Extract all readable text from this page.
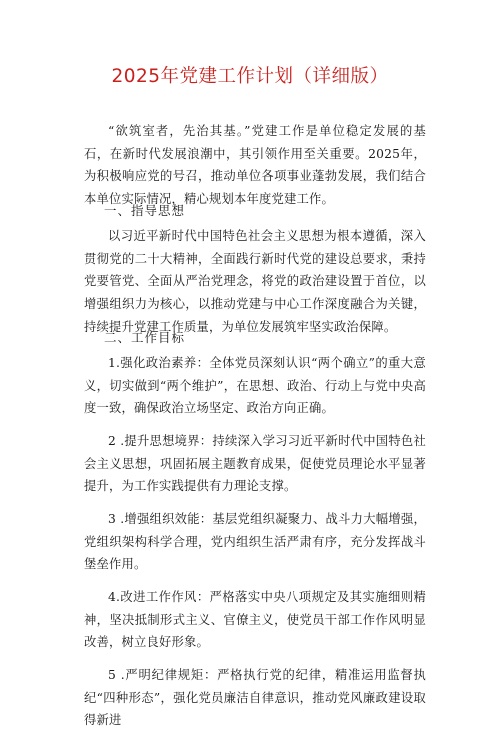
2025年党建工作计划（详细版）
“欲筑室者，先治其基。”党建工作是单位稳定发展的基石，在新时代发展浪潮中，其引领作用至关重要。2025年，为积极响应党的号召，推动单位各项事业蓬勃发展，我们结合本单位实际情况，精心规划本年度党建工作。
一、指导思想
以习近平新时代中国特色社会主义思想为根本遵循，深入贯彻党的二十大精神，全面践行新时代党的建设总要求，秉持党要管党、全面从严治党理念，将党的政治建设置于首位，以增强组织力为核心，以推动党建与中心工作深度融合为关键，持续提升党建工作质量，为单位发展筑牢坚实政治保障。
二、工作目标
1.强化政治素养：全体党员深刻认识“两个确立”的重大意义，切实做到“两个维护”，在思想、政治、行动上与党中央高度一致，确保政治立场坚定、政治方向正确。
2 .提升思想境界：持续深入学习习近平新时代中国特色社会主义思想，巩固拓展主题教育成果，促使党员理论水平显著提升，为工作实践提供有力理论支撑。
3 .增强组织效能：基层党组织凝聚力、战斗力大幅增强，党组织架构科学合理，党内组织生活严肃有序，充分发挥战斗堡垒作用。
4.改进工作作风：严格落实中央八项规定及其实施细则精神，坚决抵制形式主义、官僚主义，使党员干部工作作风明显改善，树立良好形象。
5 .严明纪律规矩：严格执行党的纪律，精准运用监督执纪“四种形态”，强化党员廉洁自律意识，推动党风廉政建设取得新进
